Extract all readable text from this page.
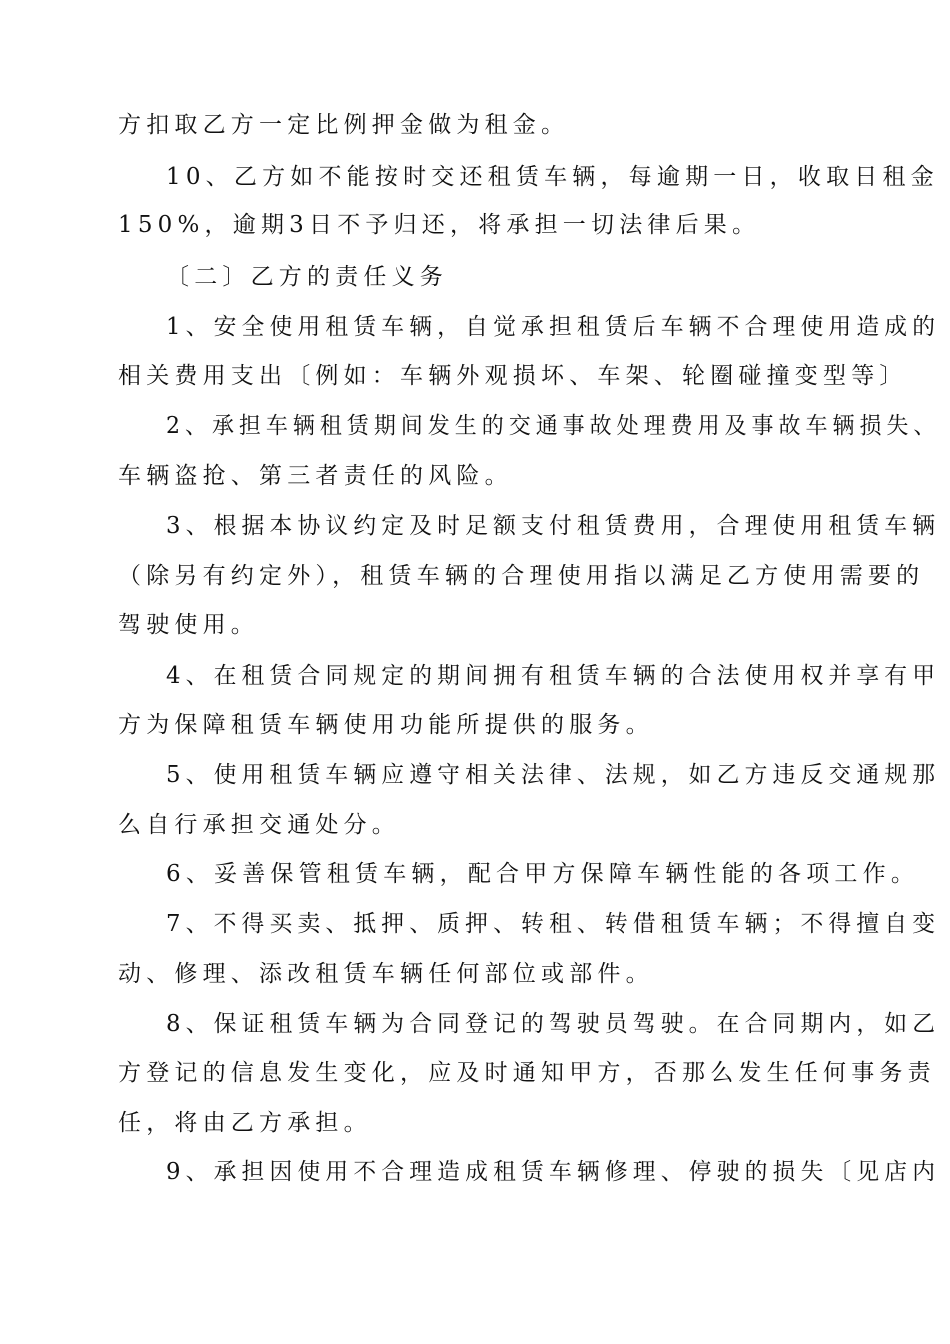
方扣取乙方一定比例押金做为租金。

10、乙方如不能按时交还租赁车辆，每逾期一日，收取日租金

150%，逾期3日不予归还，将承担一切法律后果。

〔二〕乙方的责任义务

1、安全使用租赁车辆，自觉承担租赁后车辆不合理使用造成的

相关费用支出〔例如：车辆外观损坏、车架、轮圈碰撞变型等〕

2、承担车辆租赁期间发生的交通事故处理费用及事故车辆损失、

车辆盗抢、第三者责任的风险。

3、根据本协议约定及时足额支付租赁费用，合理使用租赁车辆

（除另有约定外），租赁车辆的合理使用指以满足乙方使用需要的

驾驶使用。

4、在租赁合同规定的期间拥有租赁车辆的合法使用权并享有甲

方为保障租赁车辆使用功能所提供的服务。

5、使用租赁车辆应遵守相关法律、法规，如乙方违反交通规那

么自行承担交通处分。

6、妥善保管租赁车辆，配合甲方保障车辆性能的各项工作。

7、不得买卖、抵押、质押、转租、转借租赁车辆；不得擅自变

动、修理、添改租赁车辆任何部位或部件。

8、保证租赁车辆为合同登记的驾驶员驾驶。在合同期内，如乙

方登记的信息发生变化，应及时通知甲方，否那么发生任何事务责

任，将由乙方承担。

9、承担因使用不合理造成租赁车辆修理、停驶的损失〔见店内
